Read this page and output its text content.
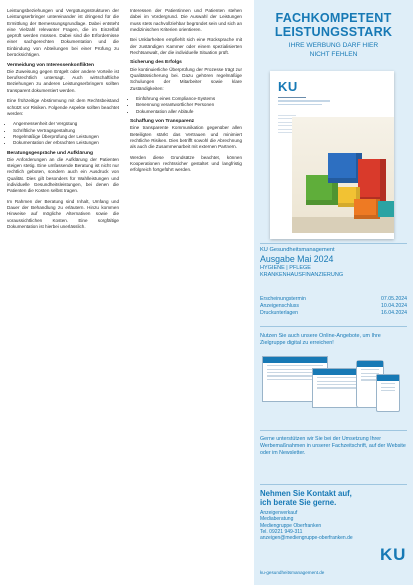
Leistungsbeziehungen und Vergütungsstrukturen der Leistungserbringer untereinander ist dringend für die Ermittlung der Bemessungsgrundlage. Dabei entsteht eine Vielzahl relevanter Fragen, die im Einzelfall geprüft werden müssen. Dabei sind die Erfordernisse einer sachgerechten Dokumentation und die Einbindung von Abteilungen bei einer Prüfung zu berücksichtigen.

Vermeidung von Interessenkonflikten

Die Zuweisung gegen Entgelt oder andere Vorteile ist berufsrechtlich untersagt. Auch wirtschaftliche Beziehungen zu anderen Leistungserbringern sollten transparent dokumentiert werden.

Eine frühzeitige Abstimmung mit dem Rechtsbeistand schützt vor Risiken. Folgende Aspekte sollten beachtet werden:

• Angemessenheit der Vergütung
• Schriftliche Vertragsgestaltung
• Regelmäßige Überprüfung der Leistungen
• Dokumentation der erbrachten Leistungen
Beratungsgespräche und Aufklärung

Die Anforderungen an die Aufklärung der Patienten steigen stetig. Eine umfassende Beratung ist nicht nur rechtlich geboten, sondern auch ein Ausdruck von Qualität. Dies gilt besonders für Wahlleistungen und individuelle Gesundheitsleistungen, bei denen die Patienten die Kosten selbst tragen.

Im Rahmen der Beratung sind Inhalt, Umfang und Dauer der Behandlung zu erläutern. Hinzu kommen Hinweise auf mögliche Alternativen sowie die voraussichtlichen Kosten. Eine sorgfältige Dokumentation ist hierbei unerlässlich.

Interessen der Patientinnen und Patienten stehen dabei im Vordergrund. Die Auswahl der Leistungen muss stets nachvollziehbar begründet sein und sich an medizinischen Kriterien orientieren.

Bei Unklarheiten empfiehlt sich eine Rücksprache mit der zuständigen Kammer oder einem spezialisierten Rechtsanwalt, der die individuelle Situation prüft.

Sicherung des Erfolgs

Die kontinuierliche Überprüfung der Prozesse trägt zur Qualitätssicherung bei. Dazu gehören regelmäßige Schulungen der Mitarbeiter sowie klare Zuständigkeiten:

• Einführung eines Compliance-Systems
• Benennung verantwortlicher Personen
• Dokumentation aller Abläufe
Schaffung von Transparenz

Eine transparente Kommunikation gegenüber allen Beteiligten stärkt das Vertrauen und minimiert rechtliche Risiken. Dies betrifft sowohl die Abrechnung als auch die Zusammenarbeit mit externen Partnern.

Werden diese Grundsätze beachtet, können Kooperationen rechtssicher gestaltet und langfristig erfolgreich fortgeführt werden.

FACHKOMPETENT
LEISTUNGSSTARK
IHRE WERBUNG DARF HIER
NICHT FEHLEN
KU
KU Gesundheitsmanagement
Ausgabe Mai 2024
HYGIENE | PFLEGE
KRANKENHAUSFINANZIERUNG
Erscheinungstermin	07.05.2024
Anzeigenschluss	10.04.2024
Druckunterlagen	16.04.2024
Nutzen Sie auch unsere Online-Angebote, um Ihre Zielgruppe digital zu erreichen!
Gerne unterstützen wir Sie bei der Umsetzung Ihrer Werbemaßnahmen in unserer Fachzeitschrift, auf der Website oder im Newsletter.
Nehmen Sie Kontakt auf,
ich berate Sie gerne.
Anzeigenverkauf
Mediaberatung
Mediengruppe Oberfranken
Tel. 09221 949-311
anzeigen@mediengruppe-oberfranken.de
KU
ku-gesundheitsmanagement.de
